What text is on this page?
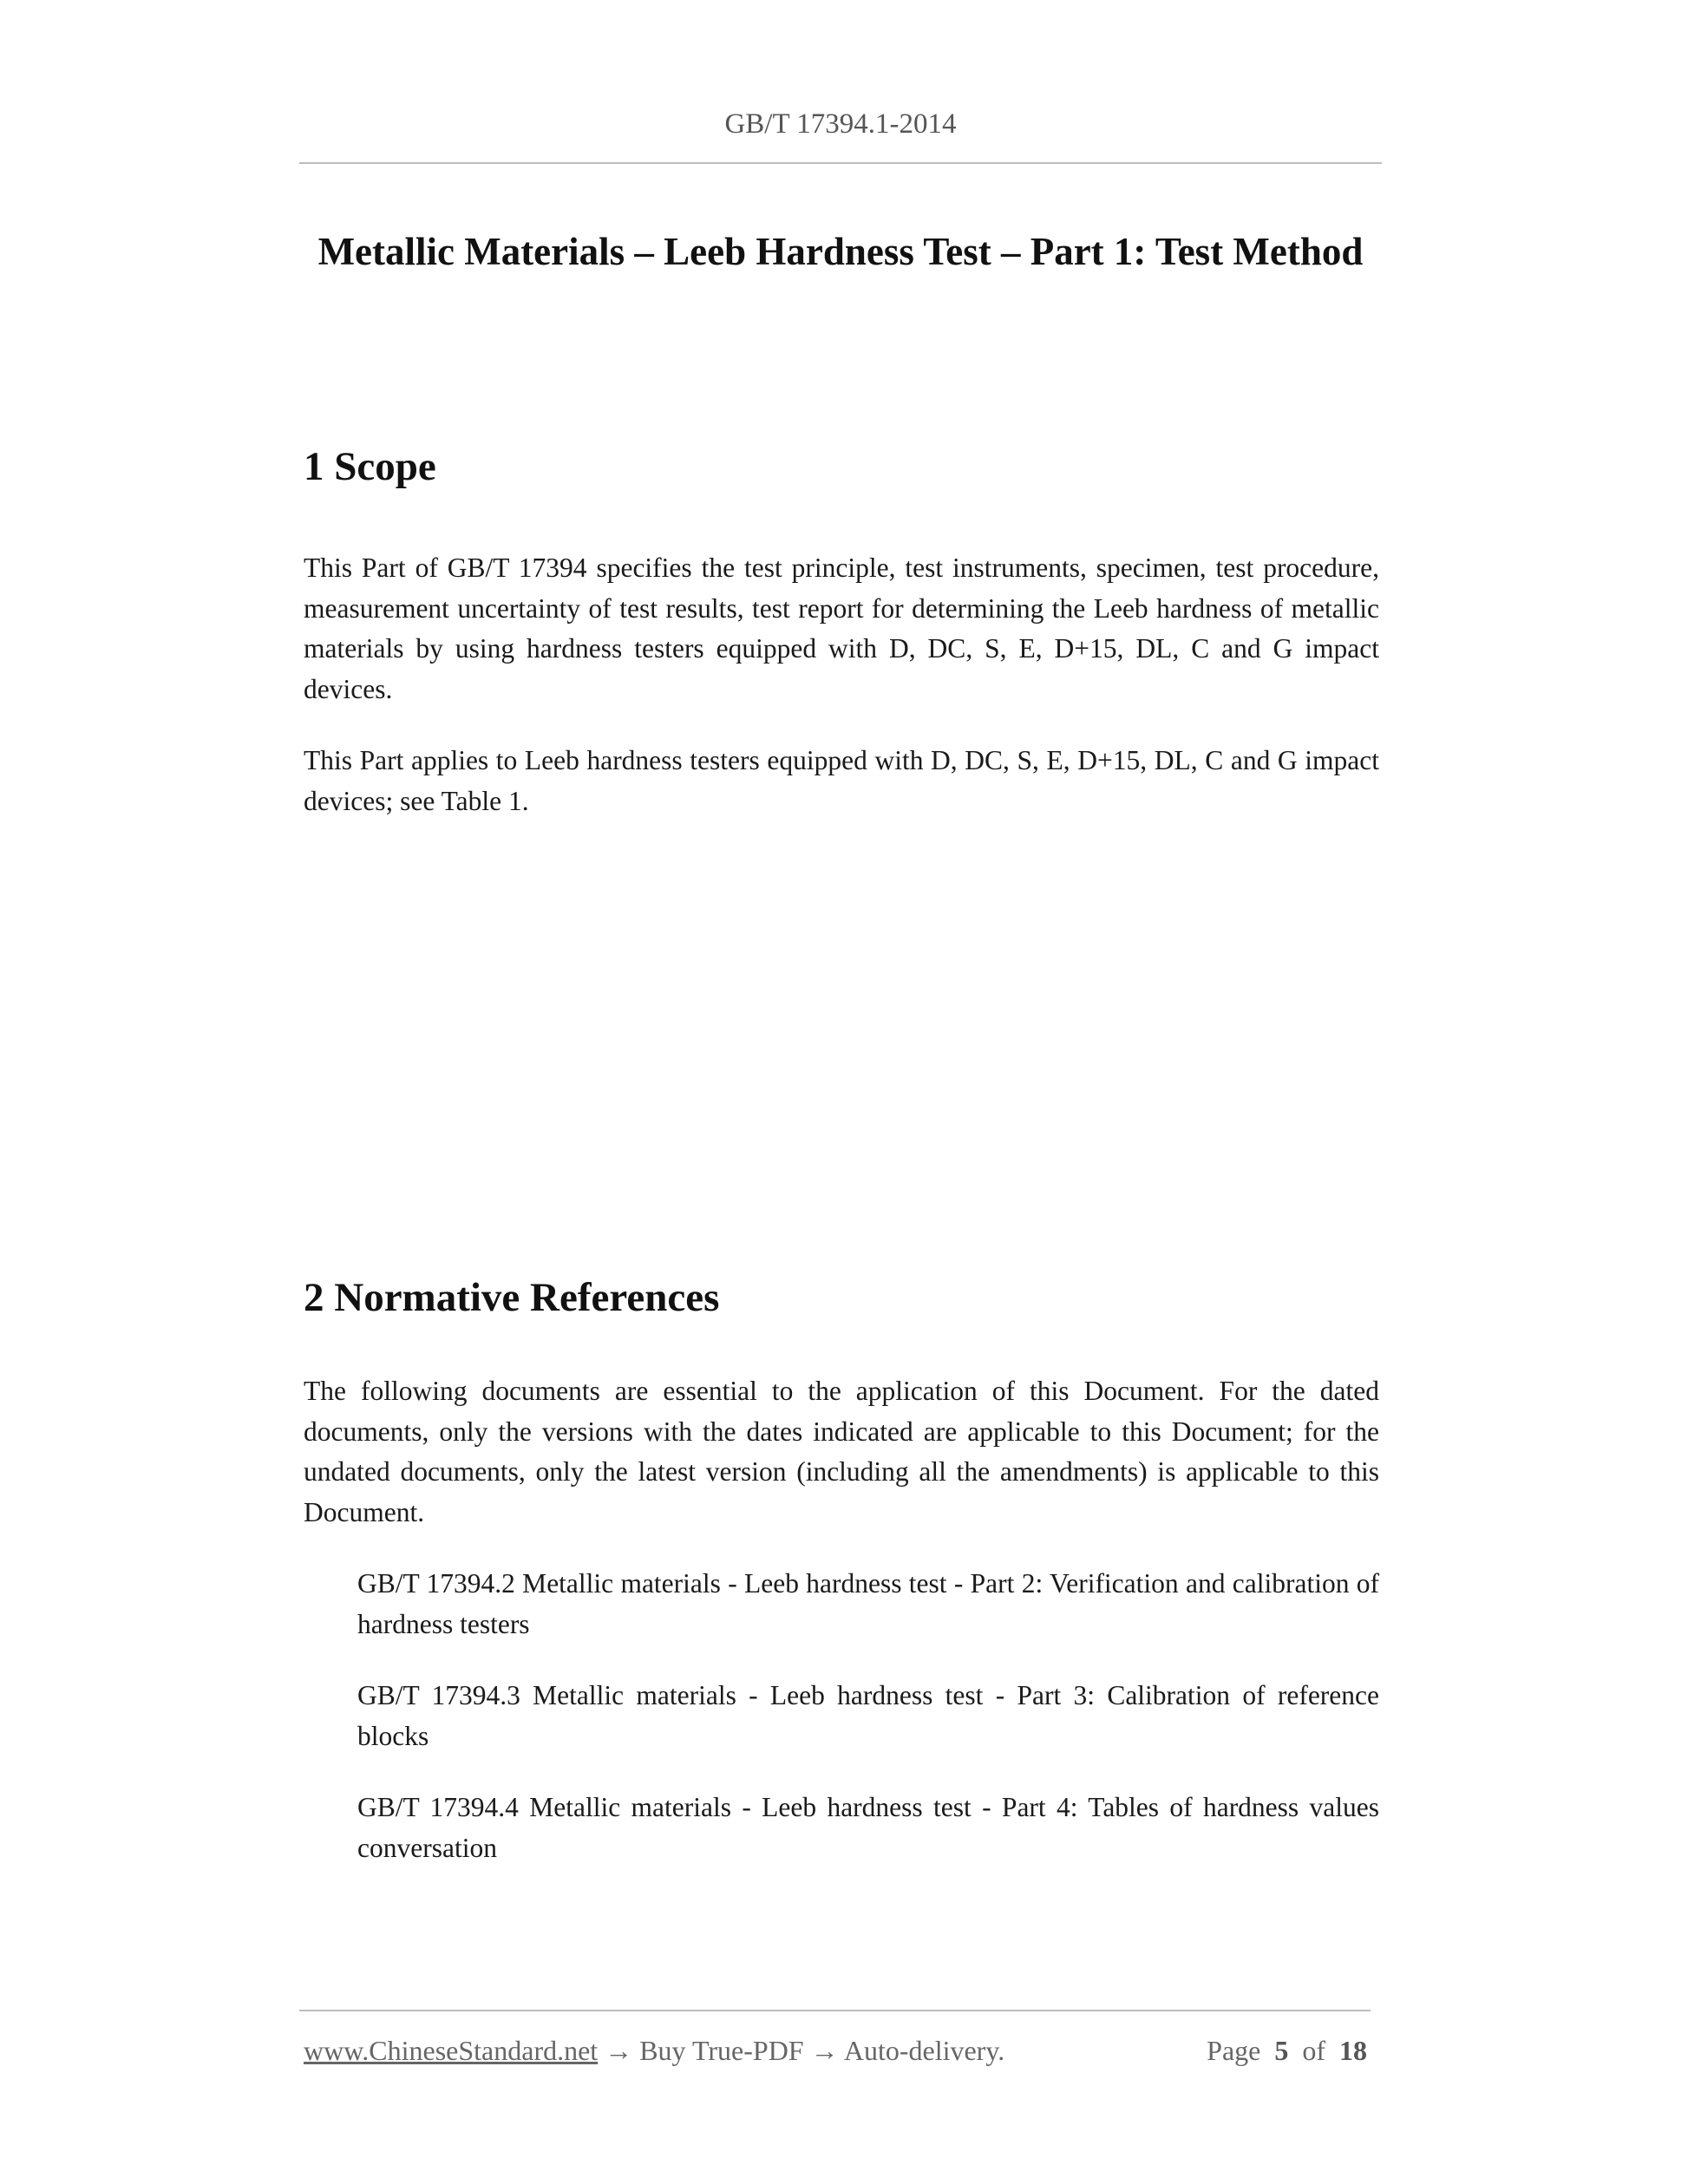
GB/T 17394.1-2014
Metallic Materials – Leeb Hardness Test – Part 1: Test Method
1 Scope

This Part of GB/T 17394 specifies the test principle, test instruments, specimen, test procedure, measurement uncertainty of test results, test report for determining the Leeb hardness of metallic materials by using hardness testers equipped with D, DC, S, E, D+15, DL, C and G impact devices.

This Part applies to Leeb hardness testers equipped with D, DC, S, E, D+15, DL, C and G impact devices; see Table 1.

2 Normative References

The following documents are essential to the application of this Document. For the dated documents, only the versions with the dates indicated are applicable to this Document; for the undated documents, only the latest version (including all the amendments) is applicable to this Document.

GB/T 17394.2 Metallic materials - Leeb hardness test - Part 2: Verification and calibration of hardness testers

GB/T 17394.3 Metallic materials - Leeb hardness test - Part 3: Calibration of reference blocks

GB/T 17394.4 Metallic materials - Leeb hardness test - Part 4: Tables of hardness values conversation

www.ChineseStandard.net → Buy True-PDF → Auto-delivery.	Page 5 of 18
